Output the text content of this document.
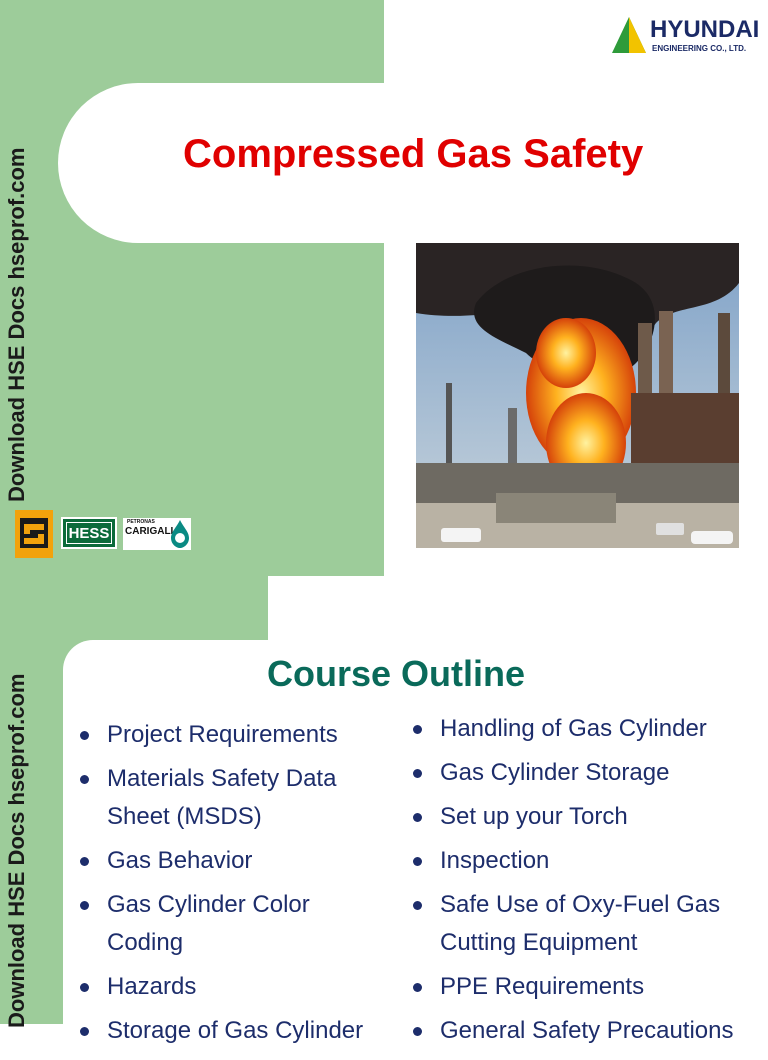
Download HSE Docs hseprof.com
HYUNDAI
ENGINEERING CO., LTD.
Compressed Gas Safety
HESS
PETRONAS
CARIGALI
Download HSE Docs hseprof.com	Course Outline
Project Requirements
Materials Safety Data Sheet (MSDS)
Gas Behavior
Gas Cylinder Color Coding
Hazards
Storage of Gas Cylinder
Handling of Gas Cylinder
Gas Cylinder Storage
Set up your Torch
Inspection
Safe Use of Oxy-Fuel Gas Cutting Equipment
PPE Requirements
General Safety Precautions
